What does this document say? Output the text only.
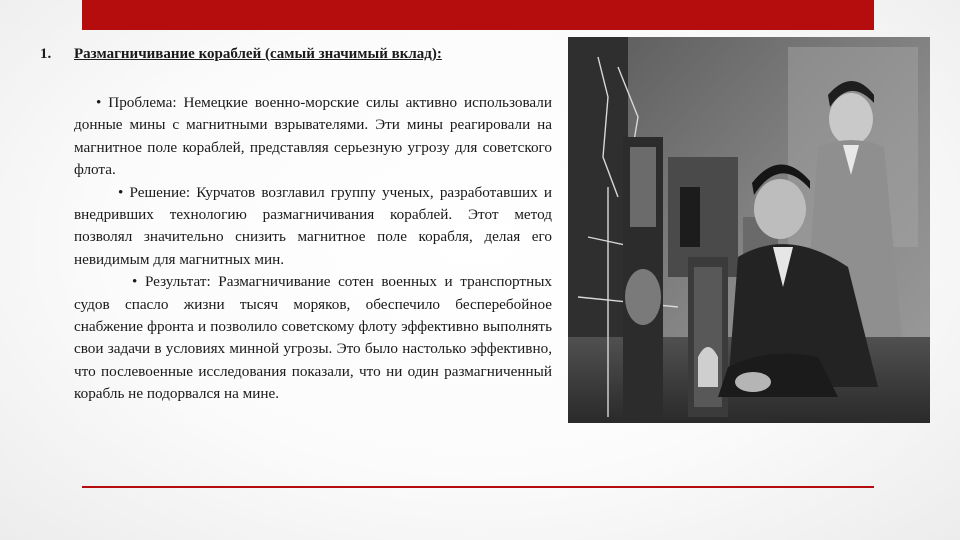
1. Размагничивание кораблей (самый значимый вклад):

• Проблема: Немецкие военно-морские силы активно использовали донные мины с магнитными взрывателями. Эти мины реагировали на магнитное поле кораблей, представляя серьезную угрозу для советского флота.

• Решение: Курчатов возглавил группу ученых, разработавших и внедривших технологию размагничивания кораблей. Этот метод позволял значительно снизить магнитное поле корабля, делая его невидимым для магнитных мин.

• Результат: Размагничивание сотен военных и транспортных судов спасло жизни тысяч моряков, обеспечило бесперебойное снабжение фронта и позволило советскому флоту эффективно выполнять свои задачи в условиях минной угрозы. Это было настолько эффективно, что послевоенные исследования показали, что ни один размагниченный корабль не подорвался на мине.
